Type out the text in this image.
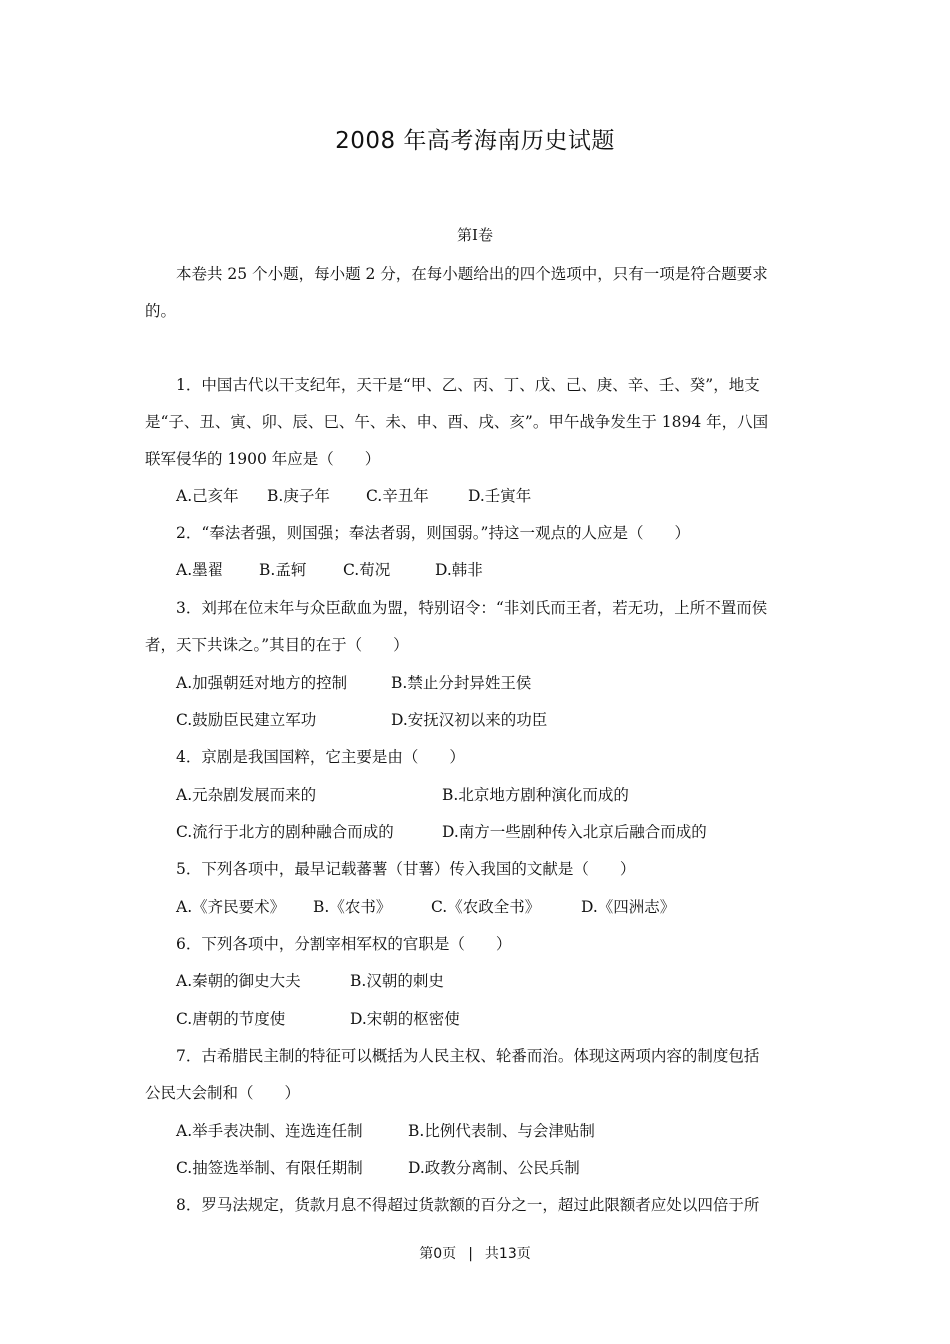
2008 年高考海南历史试题
第Ⅰ卷
本卷共 25 个小题，每小题 2 分，在每小题给出的四个选项中，只有一项是符合题要求
的。
1．中国古代以干支纪年，天干是“甲、乙、丙、丁、戊、己、庚、辛、壬、癸”，地支
是“子、丑、寅、卯、辰、巳、午、未、申、酉、戌、亥”。甲午战争发生于 1894 年，八国
联军侵华的 1900 年应是（　　）
A.己亥年 B.庚子年 C.辛丑年	D.壬寅年
2．“奉法者强，则国强；奉法者弱，则国弱。”持这一观点的人应是（　　）
A.墨翟 B.孟轲 C.荀况	D.韩非
3．刘邦在位末年与众臣歃血为盟，特别诏令：“非刘氏而王者，若无功，上所不置而侯
者，天下共诛之。”其目的在于（　　）
A.加强朝廷对地方的控制	B.禁止分封异姓王侯
C.鼓励臣民建立军功	D.安抚汉初以来的功臣
4．京剧是我国国粹，它主要是由（　　）
A.元杂剧发展而来的	B.北京地方剧种演化而成的
C.流行于北方的剧种融合而成的	D.南方一些剧种传入北京后融合而成的
5．下列各项中，最早记载蕃薯（甘薯）传入我国的文献是（　　）
A.《齐民要术》 B.《农书》	C.《农政全书》	D.《四洲志》
6．下列各项中，分割宰相军权的官职是（　　）
A.秦朝的御史大夫	B.汉朝的刺史
C.唐朝的节度使	D.宋朝的枢密使
7．古希腊民主制的特征可以概括为人民主权、轮番而治。体现这两项内容的制度包括
公民大会制和（　　）
A.举手表决制、连选连任制	B.比例代表制、与会津贴制
C.抽签选举制、有限任期制	D.政教分离制、公民兵制
8．罗马法规定，货款月息不得超过货款额的百分之一，超过此限额者应处以四倍于所
第0页 | 共13页
